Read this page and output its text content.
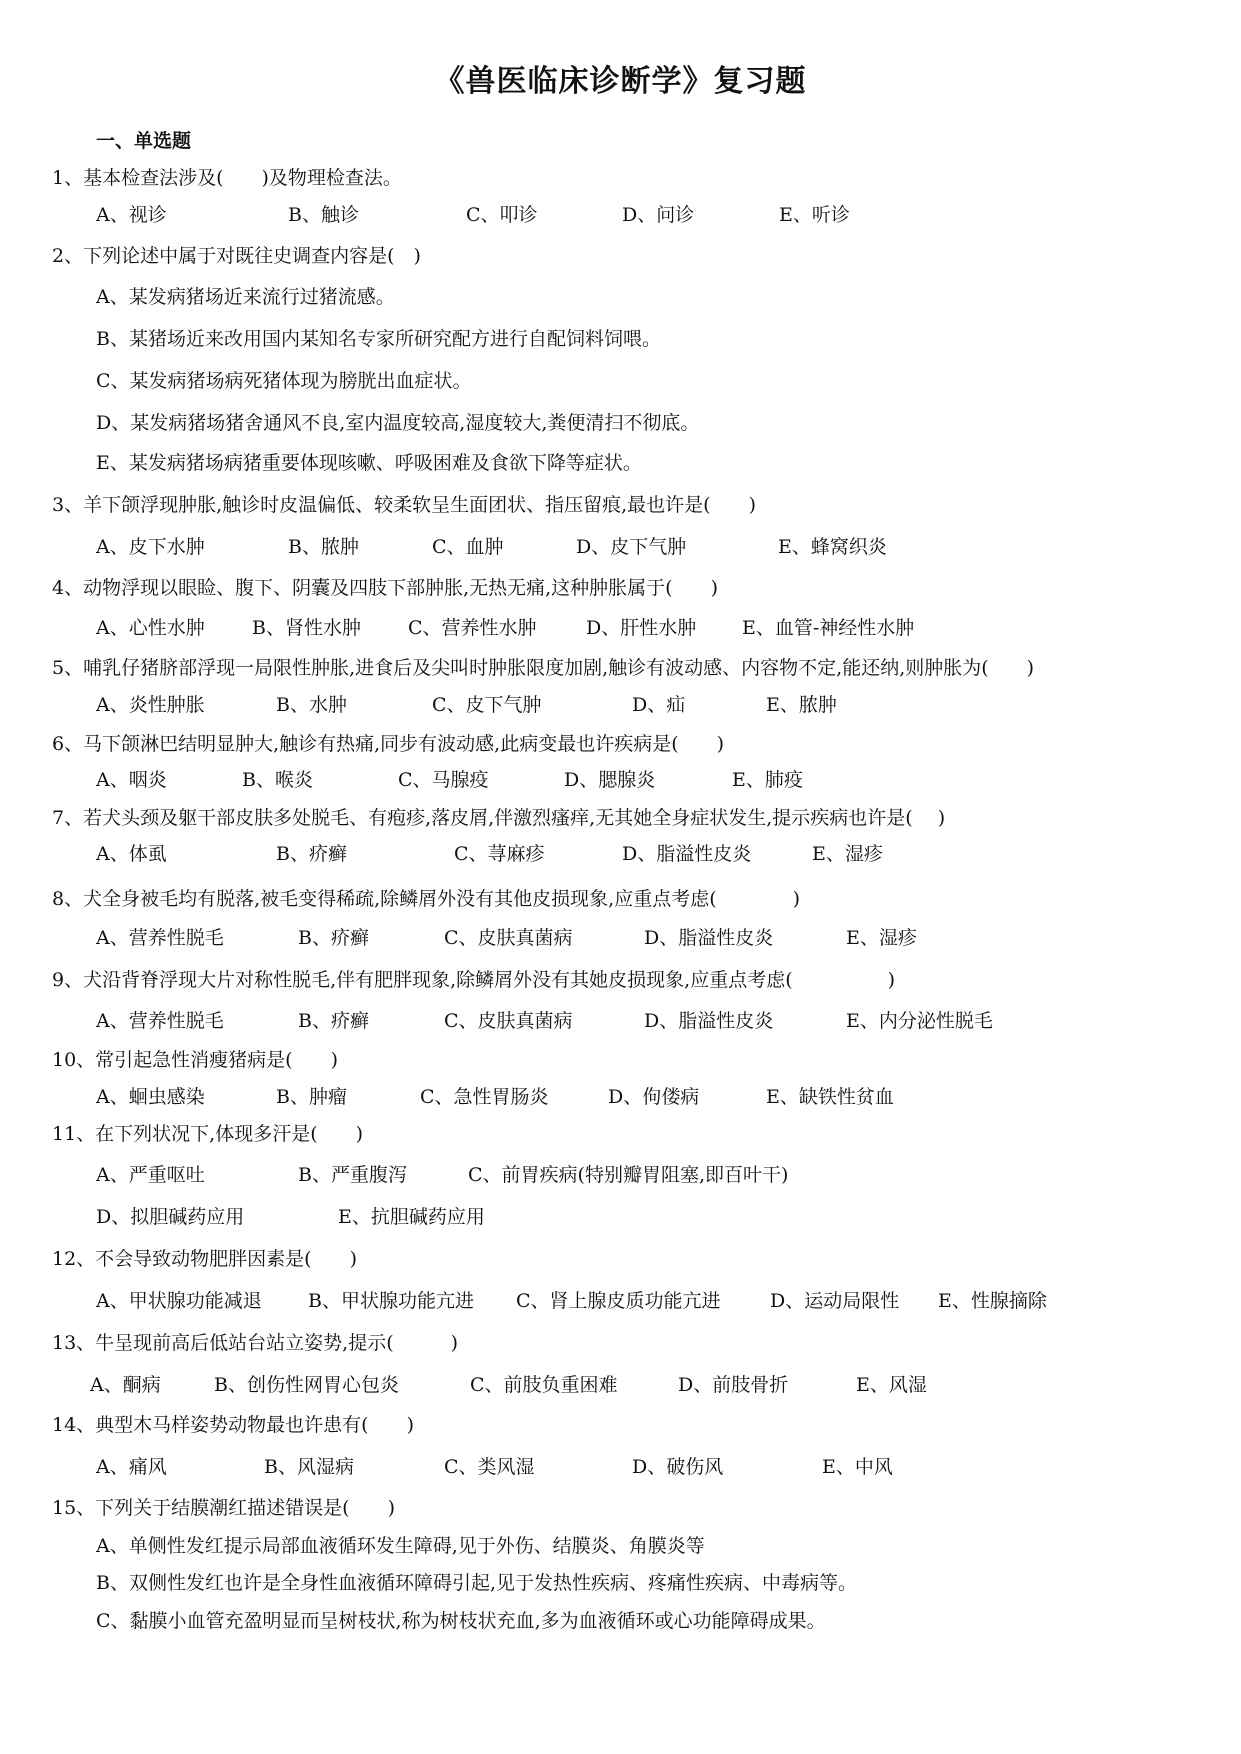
《兽医临床诊断学》复习题
一、单选题
1、基本检查法涉及(　　)及物理检查法。
A、视诊	B、触诊	C、叩诊	D、问诊	E、听诊
2、下列论述中属于对既往史调查内容是(　)
A、某发病猪场近来流行过猪流感。
B、某猪场近来改用国内某知名专家所研究配方进行自配饲料饲喂。
C、某发病猪场病死猪体现为膀胱出血症状。
D、某发病猪场猪舍通风不良,室内温度较高,湿度较大,粪便清扫不彻底。
E、某发病猪场病猪重要体现咳嗽、呼吸困难及食欲下降等症状。
3、羊下颌浮现肿胀,触诊时皮温偏低、较柔软呈生面团状、指压留痕,最也许是(　　)
A、皮下水肿	B、脓肿	C、血肿	D、皮下气肿	E、蜂窝织炎
4、动物浮现以眼睑、腹下、阴囊及四肢下部肿胀,无热无痛,这种肿胀属于(　　)
A、心性水肿 B、肾性水肿 C、营养性水肿	D、肝性水肿 E、血管-神经性水肿
5、哺乳仔猪脐部浮现一局限性肿胀,进食后及尖叫时肿胀限度加剧,触诊有波动感、内容物不定,能还纳,则肿胀为(　　)
A、炎性肿胀	B、水肿	C、皮下气肿	D、疝	E、脓肿
6、马下颌淋巴结明显肿大,触诊有热痛,同步有波动感,此病变最也许疾病是(　　)
A、咽炎	B、喉炎	C、马腺疫	D、腮腺炎	E、肺疫
7、若犬头颈及躯干部皮肤多处脱毛、有疱疹,落皮屑,伴激烈瘙痒,无其她全身症状发生,提示疾病也许是(　 )
A、体虱	B、疥癣	C、荨麻疹	D、脂溢性皮炎	E、湿疹
8、犬全身被毛均有脱落,被毛变得稀疏,除鳞屑外没有其他皮损现象,应重点考虑(　　　　)
A、营养性脱毛	B、疥癣	C、皮肤真菌病	D、脂溢性皮炎	E、湿疹
9、犬沿背脊浮现大片对称性脱毛,伴有肥胖现象,除鳞屑外没有其她皮损现象,应重点考虑(　　　　　)
A、营养性脱毛	B、疥癣	C、皮肤真菌病	D、脂溢性皮炎	E、内分泌性脱毛
10、常引起急性消瘦猪病是(　　)
A、蛔虫感染	B、肿瘤	C、急性胃肠炎	D、佝偻病	E、缺铁性贫血
11、在下列状况下,体现多汗是(　　)
A、严重呕吐	B、严重腹泻	C、前胃疾病(特别瓣胃阻塞,即百叶干)
D、拟胆碱药应用	E、抗胆碱药应用
12、不会导致动物肥胖因素是(　　)
A、甲状腺功能减退 B、甲状腺功能亢进 C、肾上腺皮质功能亢进	D、运动局限性 E、性腺摘除
13、牛呈现前高后低站台站立姿势,提示(　　　)
A、酮病	B、创伤性网胃心包炎	C、前肢负重困难	D、前肢骨折	E、风湿
14、典型木马样姿势动物最也许患有(　　)
A、痛风	B、风湿病	C、类风湿	D、破伤风	E、中风
15、下列关于结膜潮红描述错误是(　　)
A、单侧性发红提示局部血液循环发生障碍,见于外伤、结膜炎、角膜炎等
B、双侧性发红也许是全身性血液循环障碍引起,见于发热性疾病、疼痛性疾病、中毒病等。
C、黏膜小血管充盈明显而呈树枝状,称为树枝状充血,多为血液循环或心功能障碍成果。
